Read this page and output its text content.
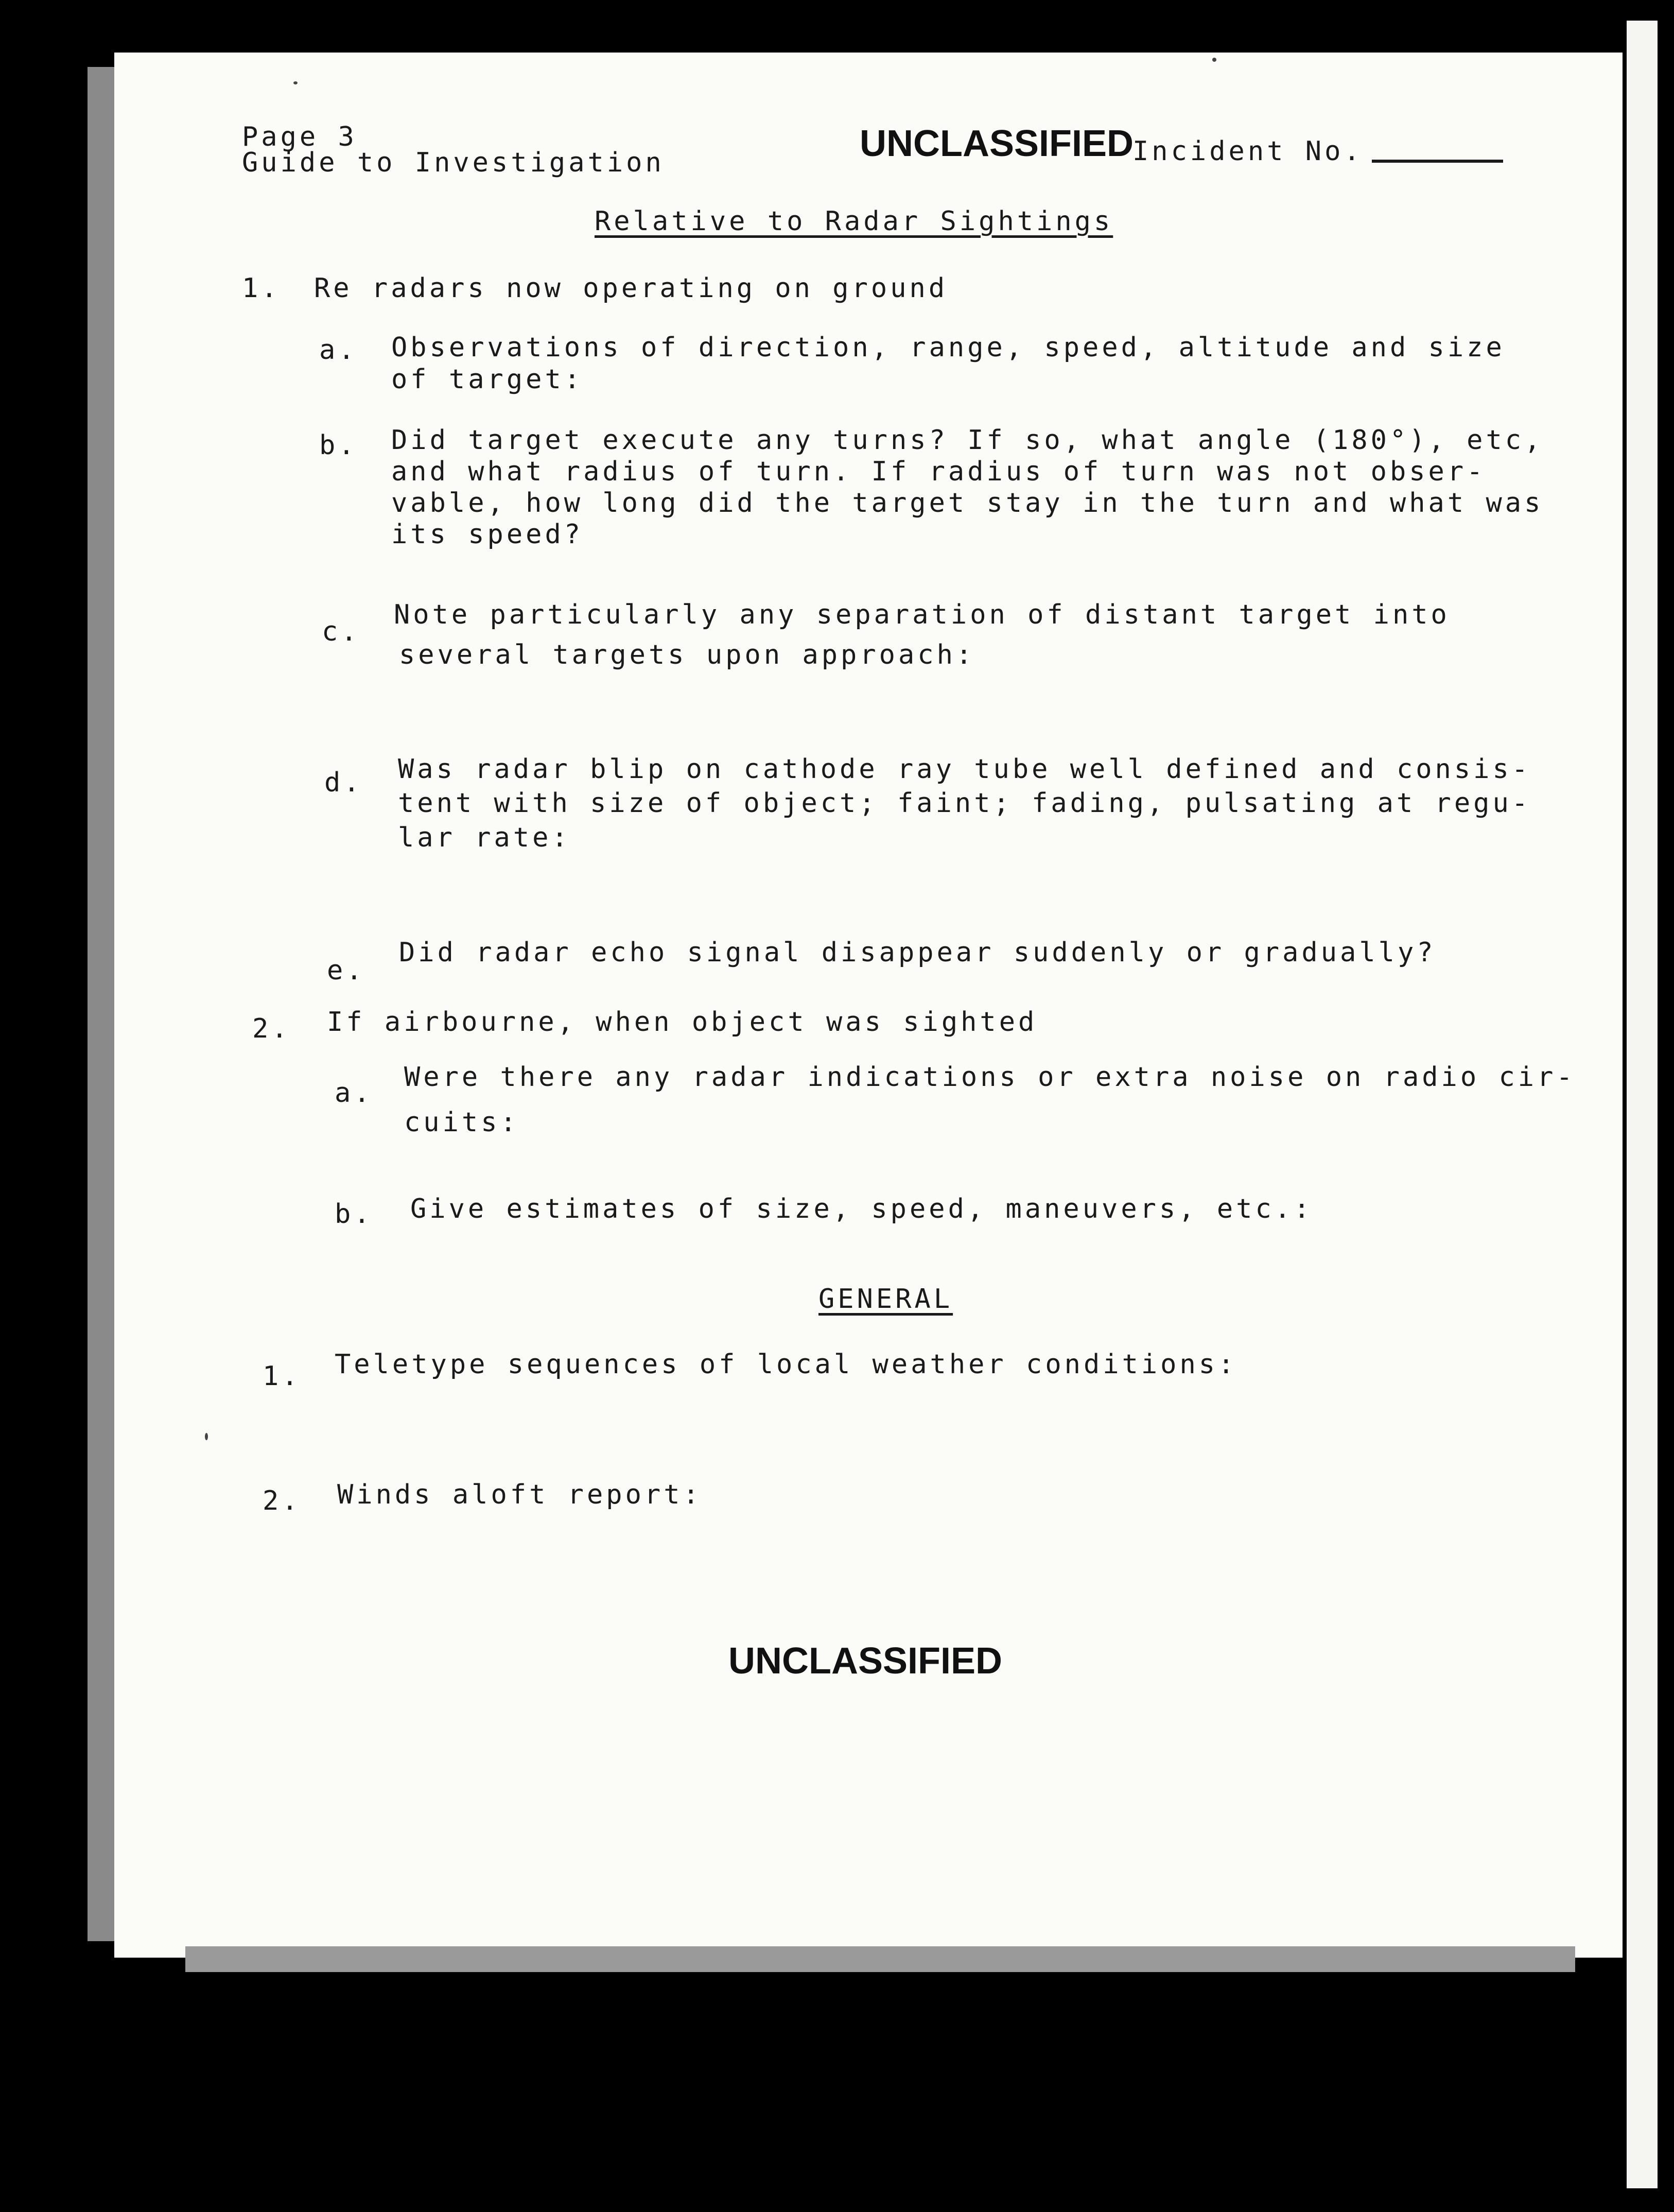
Page 3

Guide to Investigation	UNCLASSIFIED

Incident No.

Relative to Radar Sightings

1. Re radars now operating on ground

a. Observations of direction, range, speed, altitude and size

of target:

b. Did target execute any turns? If so, what angle (180°), etc,

and what radius of turn. If radius of turn was not obser-

vable, how long did the target stay in the turn and what was

its speed?

c.

Note particularly any separation of distant target into

several targets upon approach:

d. Was radar blip on cathode ray tube well defined and consis-

tent with size of object; faint; fading, pulsating at regu-

lar rate:

e.

Did radar echo signal disappear suddenly or gradually?

2. If airbourne, when object was sighted

a.

Were there any radar indications or extra noise on radio cir-

cuits:

b. Give estimates of size, speed, maneuvers, etc.:

GENERAL

1. Teletype sequences of local weather conditions:

2. Winds aloft report:

UNCLASSIFIED
